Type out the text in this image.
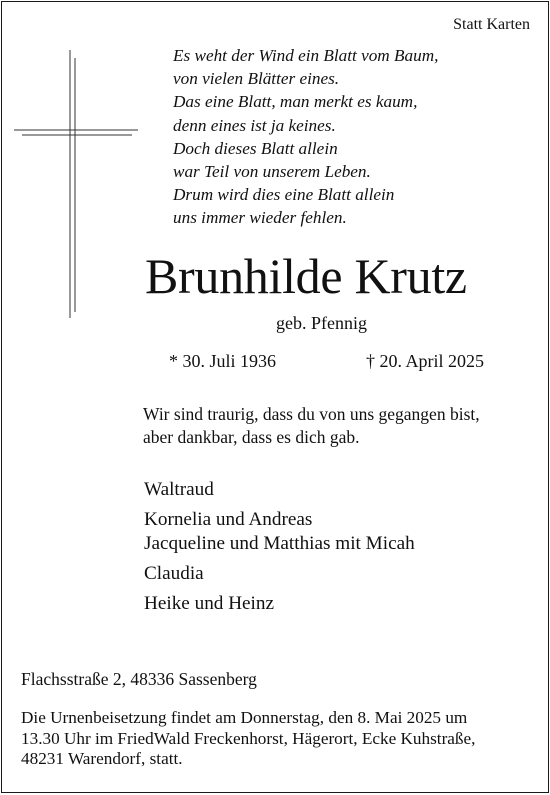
Statt Karten
Es weht der Wind ein Blatt vom Baum,
von vielen Blätter eines.
Das eine Blatt, man merkt es kaum,
denn eines ist ja keines.
Doch dieses Blatt allein
war Teil von unserem Leben.
Drum wird dies eine Blatt allein
uns immer wieder fehlen.
Brunhilde Krutz
geb. Pfennig
* 30. Juli 1936	† 20. April 2025
Wir sind traurig, dass du von uns gegangen bist,
aber dankbar, dass es dich gab.
Waltraud
Kornelia und Andreas
Jacqueline und Matthias mit Micah
Claudia
Heike und Heinz
Flachsstraße 2, 48336 Sassenberg
Die Urnenbeisetzung findet am Donnerstag, den 8. Mai 2025 um
13.30 Uhr im FriedWald Freckenhorst, Hägerort, Ecke Kuhstraße,
48231 Warendorf, statt.
